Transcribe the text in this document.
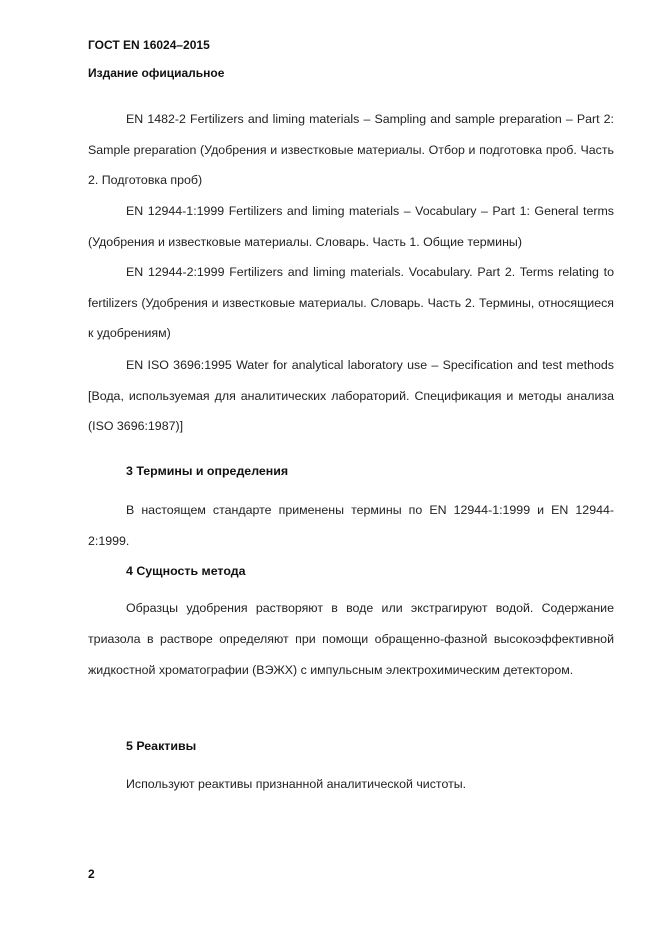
ГОСТ EN 16024–2015
Издание официальное

EN 1482-2 Fertilizers and liming materials – Sampling and sample preparation – Part 2: Sample preparation (Удобрения и известковые материалы. Отбор и подготовка проб. Часть 2. Подготовка проб)

EN 12944-1:1999 Fertilizers and liming materials – Vocabulary – Part 1: General terms (Удобрения и известковые материалы. Словарь. Часть 1. Общие термины)

EN 12944-2:1999 Fertilizers and liming materials. Vocabulary. Part 2. Terms relating to fertilizers (Удобрения и известковые материалы. Словарь. Часть 2. Термины, относящиеся к удобрениям)

EN ISO 3696:1995 Water for analytical laboratory use – Specification and test methods [Вода, используемая для аналитических лабораторий. Спецификация и методы анализа (ISO 3696:1987)]

3 Термины и определения

В настоящем стандарте применены термины по EN 12944-1:1999 и EN 12944-2:1999.

4 Сущность метода

Образцы удобрения растворяют в воде или экстрагируют водой. Содержание триазола в растворе определяют при помощи обращенно-фазной высокоэффективной жидкостной хроматографии (ВЭЖХ) с импульсным электрохимическим детектором.

5 Реактивы

Используют реактивы признанной аналитической чистоты.

2
